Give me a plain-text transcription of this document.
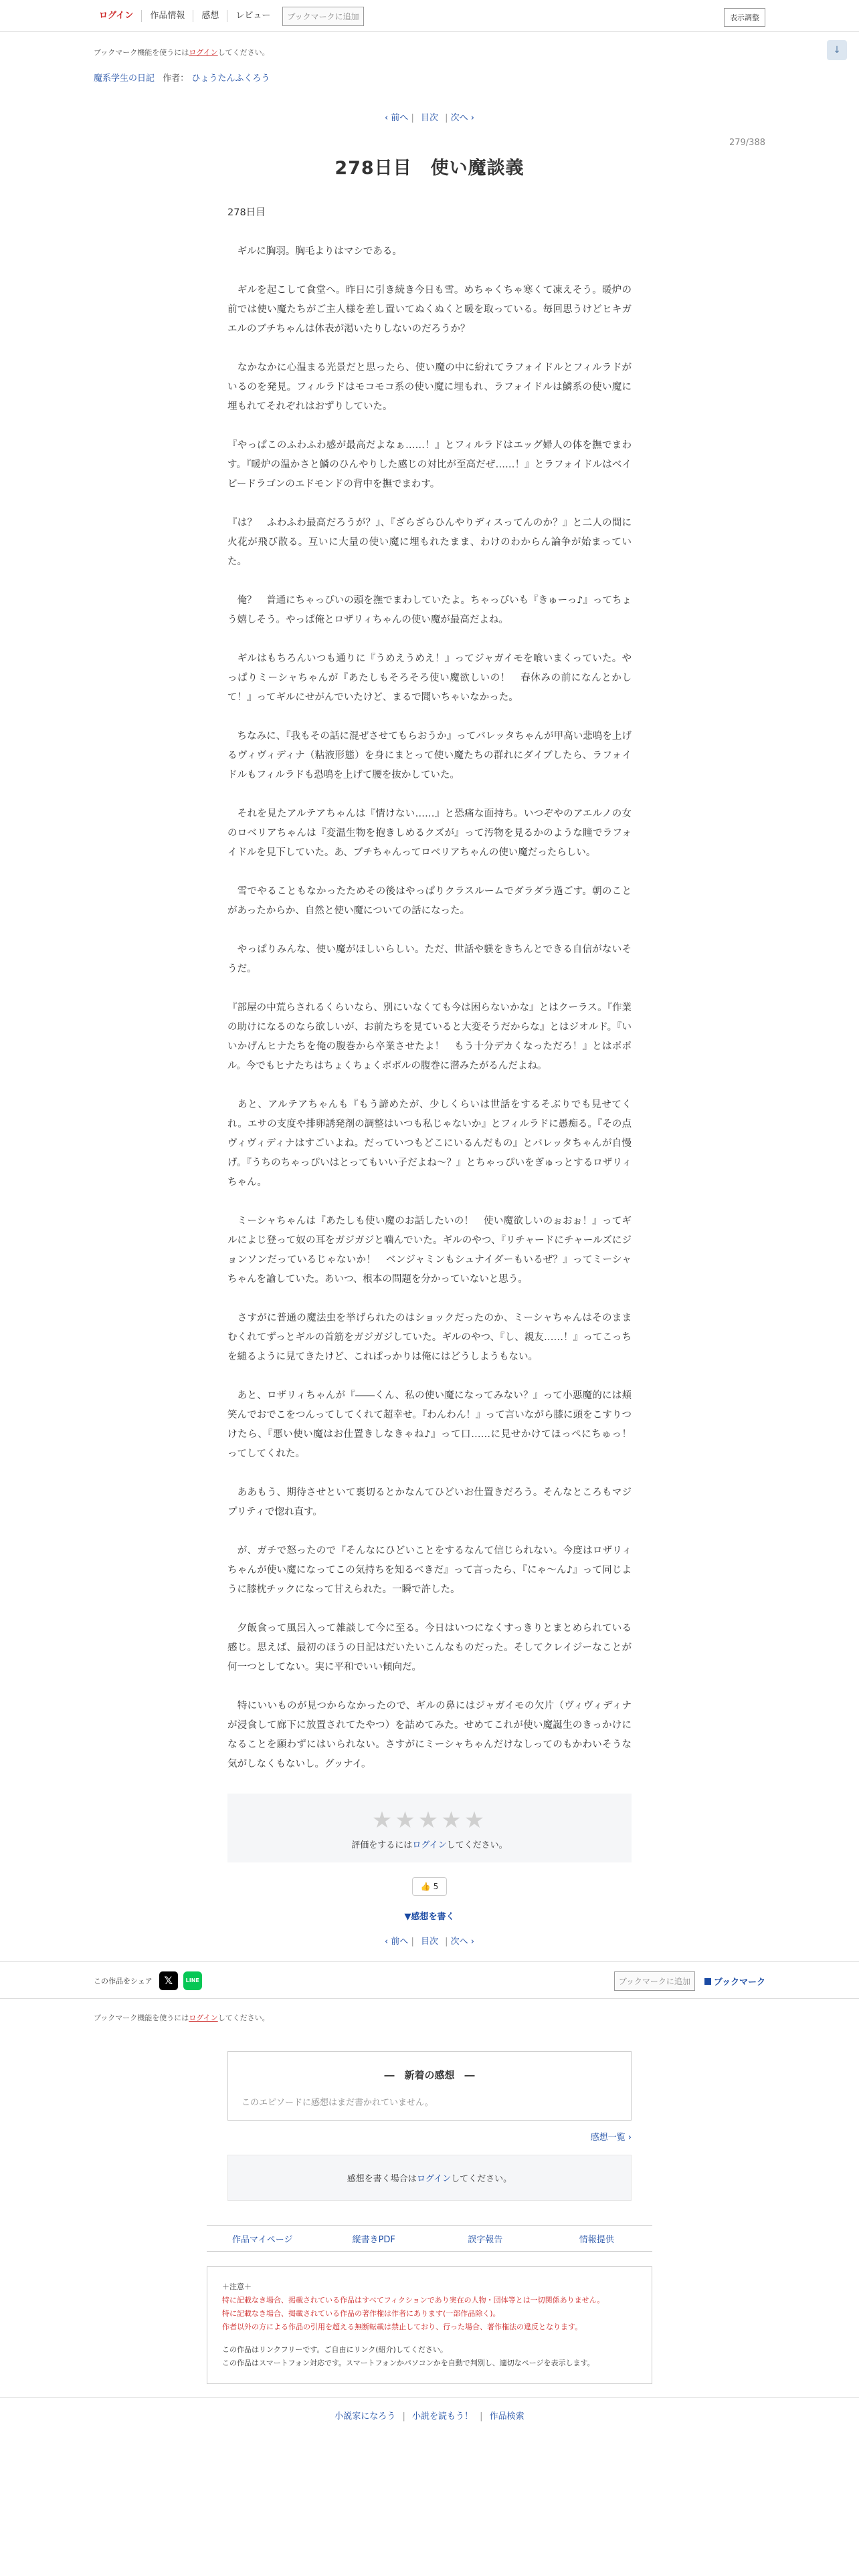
ログイン	作品情報	感想	レビュー	ブックマークに追加	表示調整
↓
ブックマーク機能を使うにはログインしてください。
魔系学生の日記 作者： ひょうたんふくろう
‹ 前へ | 目次 | 次へ ›
279/388
278日目　使い魔談義

278日目

　ギルに胸羽。胸毛よりはマシである。

　ギルを起こして食堂へ。昨日に引き続き今日も雪。めちゃくちゃ寒くて凍えそう。暖炉の前では使い魔たちがご主人様を差し置いてぬくぬくと暖を取っている。毎回思うけどヒキガエルのブチちゃんは体表が渇いたりしないのだろうか？

　なかなかに心温まる光景だと思ったら、使い魔の中に紛れてラフォイドルとフィルラドがいるのを発見。フィルラドはモコモコ系の使い魔に埋もれ、ラフォイドルは鱗系の使い魔に埋もれてそれぞれはおずりしていた。

『やっぱこのふわふわ感が最高だよなぁ……！』とフィルラドはエッグ婦人の体を撫でまわす。『暖炉の温かさと鱗のひんやりした感じの対比が至高だぜ……！』とラフォイドルはベイビードラゴンのエドモンドの背中を撫でまわす。

『は？　ふわふわ最高だろうが？』、『ざらざらひんやりディスってんのか？』と二人の間に火花が飛び散る。互いに大量の使い魔に埋もれたまま、わけのわからん論争が始まっていた。

　俺？　普通にちゃっぴいの頭を撫でまわしていたよ。ちゃっぴいも『きゅーっ♪』ってちょう嬉しそう。やっぱ俺とロザリィちゃんの使い魔が最高だよね。

　ギルはもちろんいつも通りに『うめえうめえ！』ってジャガイモを喰いまくっていた。やっぱりミーシャちゃんが『あたしもそろそろ使い魔欲しいの！　春休みの前になんとかして！』ってギルにせがんでいたけど、まるで聞いちゃいなかった。

　ちなみに、『我もその話に混ぜさせてもらおうか』ってバレッタちゃんが甲高い悲鳴を上げるヴィヴィディナ（粘液形態）を身にまとって使い魔たちの群れにダイブしたら、ラフォイドルもフィルラドも恐鳴を上げて腰を抜かしていた。

　それを見たアルテアちゃんは『情けない……』と恐痛な面持ち。いつぞやのアエルノの女のロベリアちゃんは『変温生物を抱きしめるクズが』って汚物を見るかのような瞳でラフォイドルを見下していた。あ、ブチちゃんってロベリアちゃんの使い魔だったらしい。

　雪でやることもなかったためその後はやっぱりクラスルームでダラダラ過ごす。朝のことがあったからか、自然と使い魔についての話になった。

　やっぱりみんな、使い魔がほしいらしい。ただ、世話や躾をきちんとできる自信がないそうだ。

『部屋の中荒らされるくらいなら、別にいなくても今は困らないかな』とはクーラス。『作業の助けになるのなら欲しいが、お前たちを見ていると大変そうだからな』とはジオルド。『いいかげんヒナたちを俺の腹巻から卒業させたよ！　もう十分デカくなっただろ！』とはポポル。今でもヒナたちはちょくちょくポポルの腹巻に潜みたがるんだよね。

　あと、アルテアちゃんも『もう諦めたが、少しくらいは世話をするそぶりでも見せてくれ。エサの支度や排卵誘発剤の調整はいつも私じゃないか』とフィルラドに愚痴る。『その点ヴィヴィディナはすごいよね。だっていつもどこにいるんだもの』とバレッタちゃんが自慢げ。『うちのちゃっぴいはとってもいい子だよね～？』とちゃっぴいをぎゅっとするロザリィちゃん。

　ミーシャちゃんは『あたしも使い魔のお話したいの！　使い魔欲しいのぉおぉ！』ってギルによじ登って奴の耳をガジガジと噛んでいた。ギルのやつ、『リチャードにチャールズにジョンソンだっているじゃないか！　ベンジャミンもシュナイダーもいるぜ？』ってミーシャちゃんを諭していた。あいつ、根本の問題を分かっていないと思う。

　さすがに普通の魔法虫を挙げられたのはショックだったのか、ミーシャちゃんはそのままむくれてずっとギルの首筋をガジガジしていた。ギルのやつ、『し、親友……！』ってこっちを縋るように見てきたけど、これぱっかりは俺にはどうしようもない。

　あと、ロザリィちゃんが『――くん、私の使い魔になってみない？』って小悪魔的には頬笑んでおでこをつんってしてくれて超幸せ。『わんわん！』って言いながら膝に頭をこすりつけたら、『悪い使い魔はお仕置きしなきゃね♪』って口……に見せかけてほっぺにちゅっ！　ってしてくれた。

　ああもう、期待させといて裏切るとかなんてひどいお仕置きだろう。そんなところもマジプリティで惚れ直す。

　が、ガチで怒ったので『そんなにひどいことをするなんて信じられない。今度はロザリィちゃんが使い魔になってこの気持ちを知るべきだ』って言ったら、『にゃ～ん♪』って同じように膝枕チックになって甘えられた。一瞬で許した。

　夕飯食って風呂入って雑談して今に至る。今日はいつになくすっきりとまとめられている感じ。思えば、最初のほうの日記はだいたいこんなものだった。そしてクレイジーなことが何一つとしてない。実に平和でいい傾向だ。

　特にいいものが見つからなかったので、ギルの鼻にはジャガイモの欠片（ヴィヴィディナが浸食して廊下に放置されてたやつ）を詰めてみた。せめてこれが使い魔誕生のきっかけになることを願わずにはいられない。さすがにミーシャちゃんだけなしってのもかわいそうな気がしなくもないし。グッナイ。

★★★★★
評価をするにはログインしてください。
👍 5
▼感想を書く
‹ 前へ | 目次 | 次へ ›
この作品をシェア	𝕏	LINE	ブックマークに追加	ブックマーク
ブックマーク機能を使うにはログインしてください。
―　新着の感想　―
このエピソードに感想はまだ書かれていません。
感想一覧 ›
感想を書く場合はログインしてください。
作品マイページ	縦書きPDF	誤字報告	情報提供
＋注意＋
特に記載なき場合、掲載されている作品はすべてフィクションであり実在の人物・団体等とは一切関係ありません。
特に記載なき場合、掲載されている作品の著作権は作者にあります(一部作品除く)。
作者以外の方による作品の引用を超える無断転載は禁止しており、行った場合、著作権法の違反となります。
この作品はリンクフリーです。ご自由にリンク(紹介)してください。
この作品はスマートフォン対応です。スマートフォンかパソコンかを自動で判別し、適切なページを表示します。
小説家になろう | 小説を読もう！ | 作品検索
